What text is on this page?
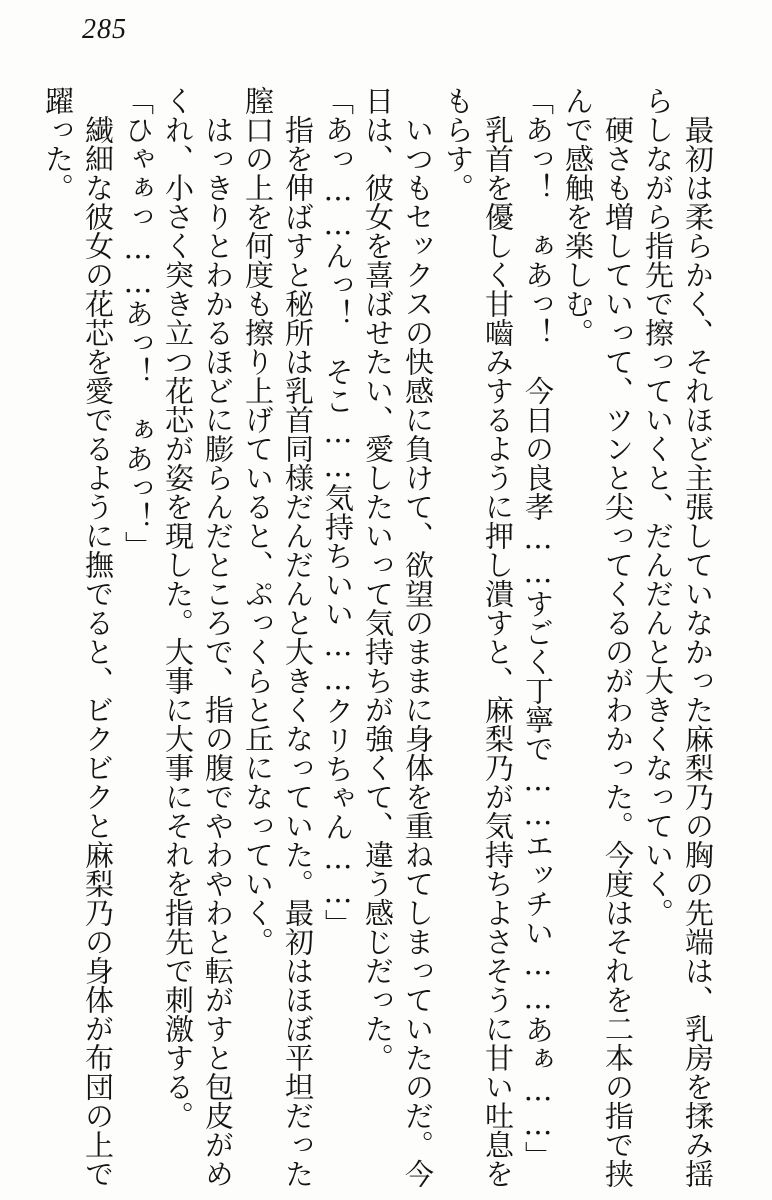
285

最初は柔らかく、それほど主張していなかった麻梨乃の胸の先端は、乳房を揉み揺らしながら指先で擦っていくと、だんだんと大きくなっていく。

硬さも増していって、ツンと尖ってくるのがわかった。今度はそれを二本の指で挟んで感触を楽しむ。

「あっ！　ぁあっ！　今日の良孝……すごく丁寧で……エッチい……あぁ……」

乳首を優しく甘嚙みするように押し潰すと、麻梨乃が気持ちよさそうに甘い吐息をもらす。

いつもセックスの快感に負けて、欲望のままに身体を重ねてしまっていたのだ。今日は、彼女を喜ばせたい、愛したいって気持ちが強くて、違う感じだった。

「あっ……んっ！　そこ……気持ちいい……クリちゃん……」

指を伸ばすと秘所は乳首同様だんだんと大きくなっていた。最初はほぼ平坦だった膣口の上を何度も擦り上げていると、ぷっくらと丘になっていく。

はっきりとわかるほどに膨らんだところで、指の腹でやわやわと転がすと包皮がめくれ、小さく突き立つ花芯が姿を現した。大事に大事にそれを指先で刺激する。

「ひゃぁっ……あっ！　ぁあっ！」

繊細な彼女の花芯を愛でるように撫でると、ビクビクと麻梨乃の身体が布団の上で躍った。
